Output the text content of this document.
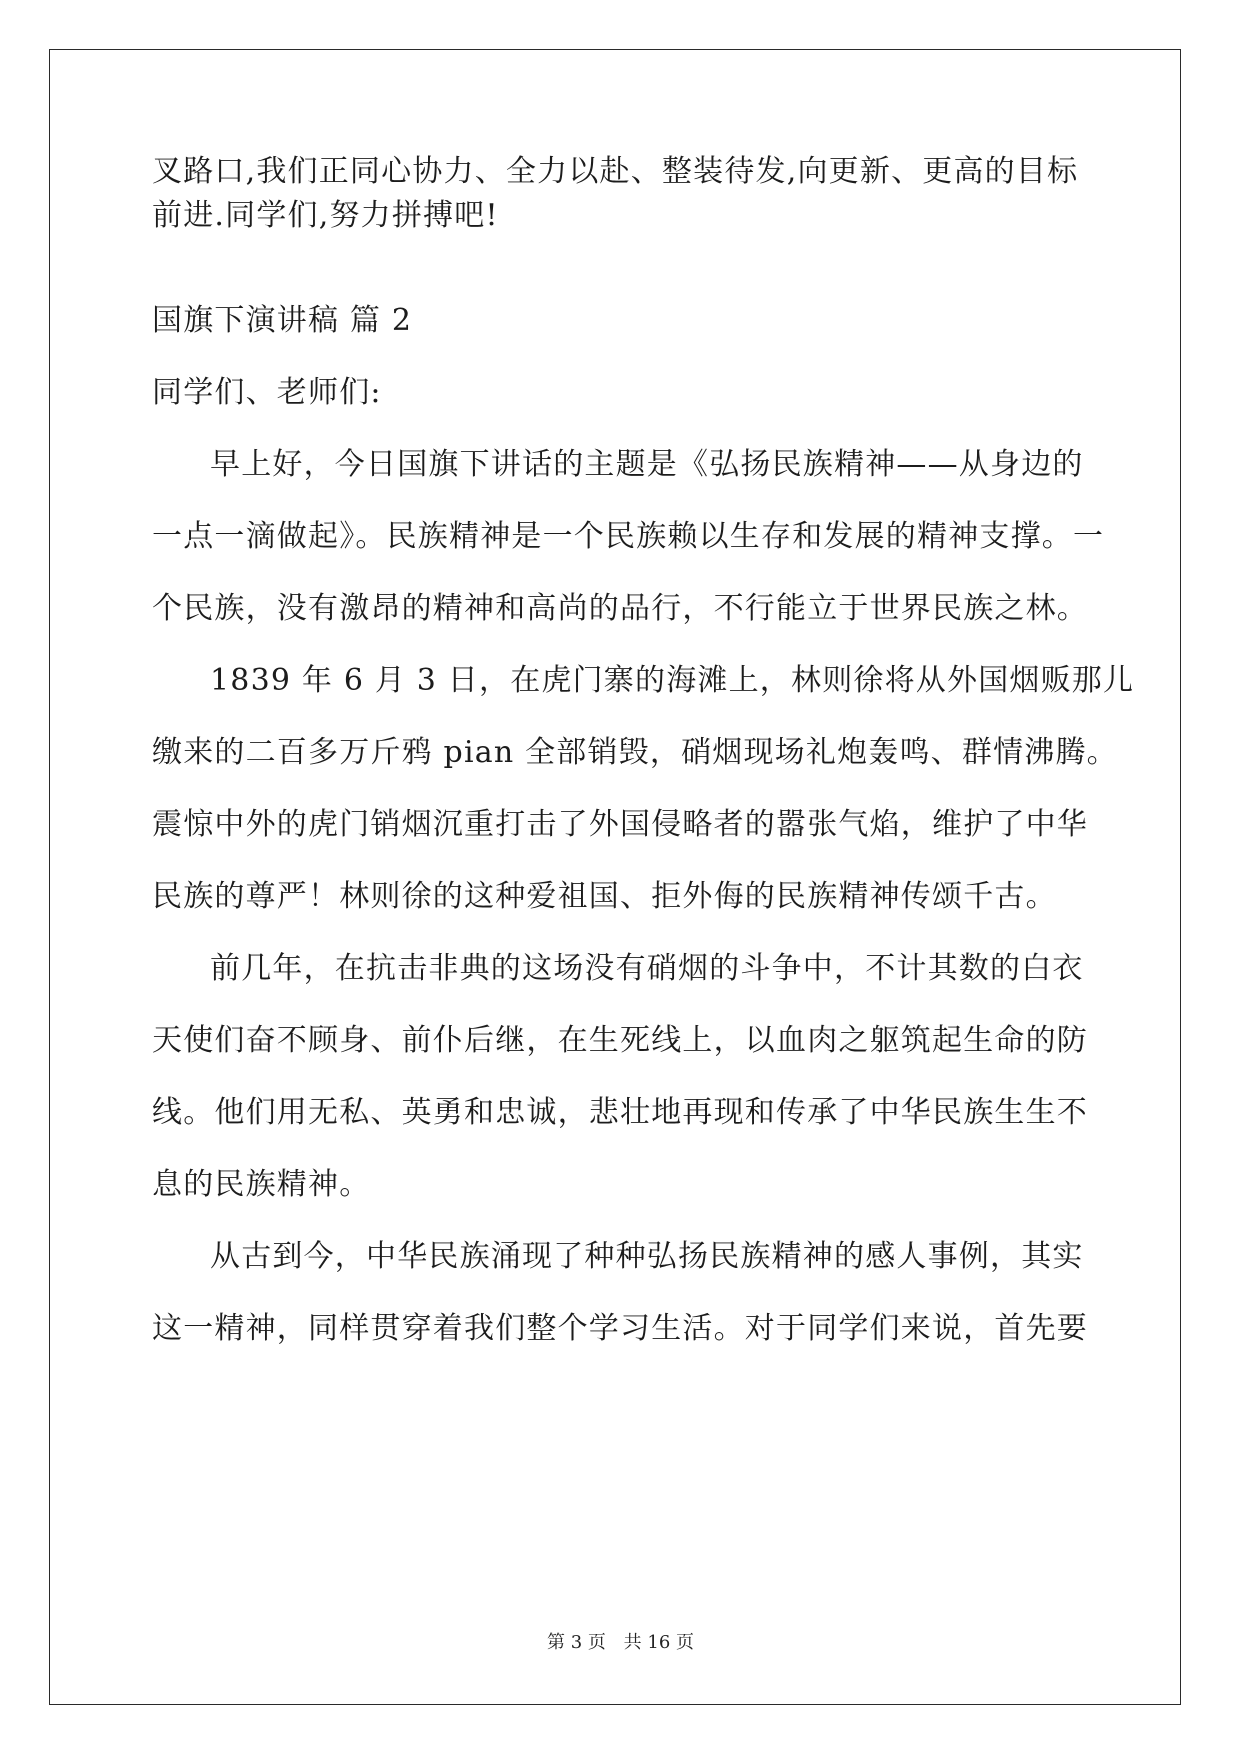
叉路口,我们正同心协力、全力以赴、整装待发,向更新、更高的目标
前进.同学们,努力拼搏吧!
国旗下演讲稿 篇 2
同学们、老师们:
早上好，今日国旗下讲话的主题是《弘扬民族精神——从身边的
一点一滴做起》。民族精神是一个民族赖以生存和发展的精神支撑。一
个民族，没有激昂的精神和高尚的品行，不行能立于世界民族之林。
1839 年 6 月 3 日，在虎门寨的海滩上，林则徐将从外国烟贩那儿
缴来的二百多万斤鸦 pian 全部销毁，硝烟现场礼炮轰鸣、群情沸腾。
震惊中外的虎门销烟沉重打击了外国侵略者的嚣张气焰，维护了中华
民族的尊严！林则徐的这种爱祖国、拒外侮的民族精神传颂千古。
前几年，在抗击非典的这场没有硝烟的斗争中，不计其数的白衣
天使们奋不顾身、前仆后继，在生死线上，以血肉之躯筑起生命的防
线。他们用无私、英勇和忠诚，悲壮地再现和传承了中华民族生生不
息的民族精神。
从古到今，中华民族涌现了种种弘扬民族精神的感人事例，其实
这一精神，同样贯穿着我们整个学习生活。对于同学们来说，首先要
第 3 页 共 16 页
